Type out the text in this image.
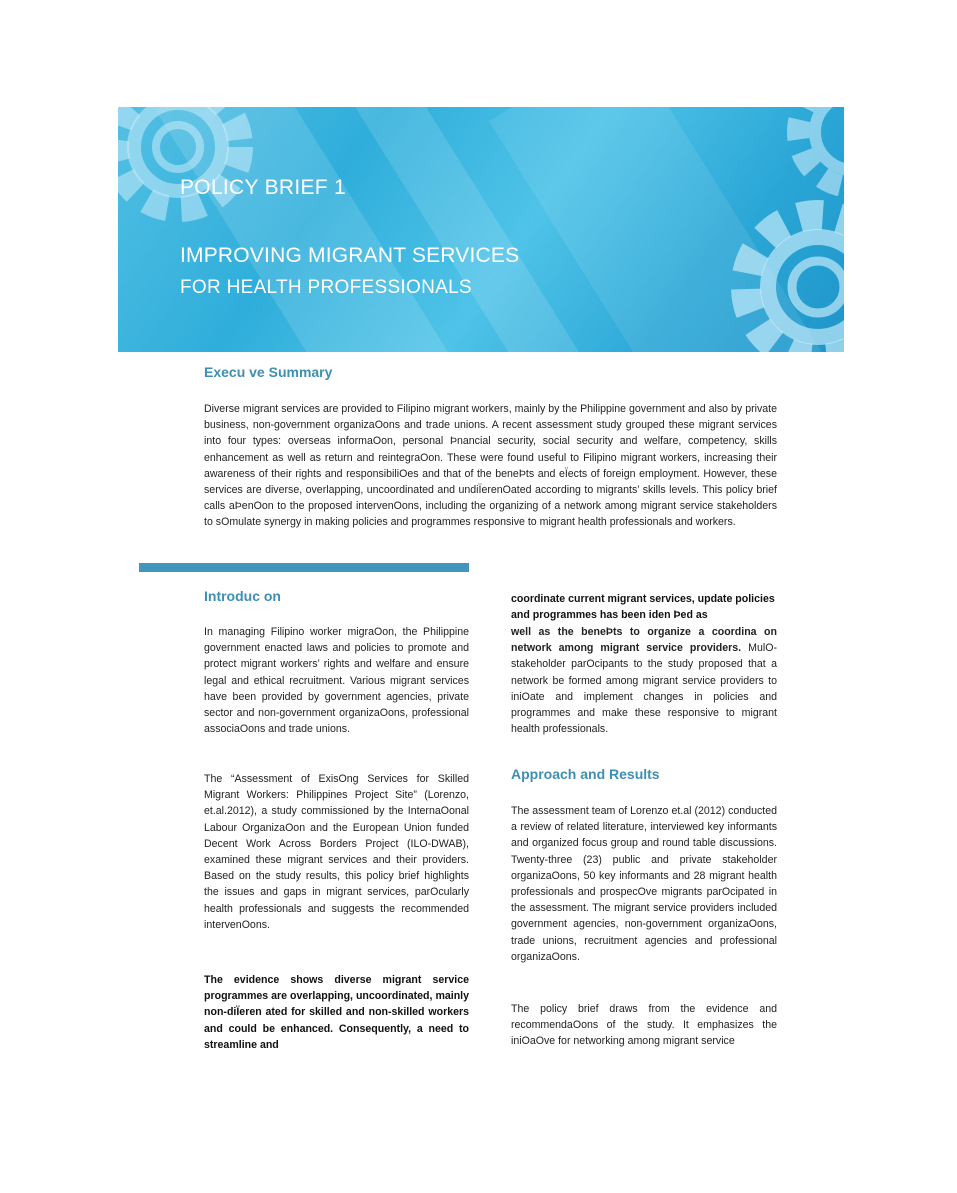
POLICY BRIEF 1
IMPROVING MIGRANT SERVICES
FOR HEALTH PROFESSIONALS
Execu ve Summary

Diverse migrant services are provided to Filipino migrant workers, mainly by the Philippine government and also by private business, non-government organizaOons and trade unions. A recent assessment study grouped these migrant services into four types: overseas informaOon, personal Þnancial security, social security and welfare, competency, skills enhancement as well as return and reintegraOon. These were found useful to Filipino migrant workers, increasing their awareness of their rights and responsibiliOes and that of the beneÞts and eÏects of foreign employment. However, these services are diverse, overlapping, uncoordinated and undiÏerenOated according to migrants’ skills levels. This policy brief calls aÞenOon to the proposed intervenOons, including the organizing of a network among migrant service stakeholders to sOmulate synergy in making policies and programmes responsive to migrant health professionals and workers.

Introduc on

In managing Filipino worker migraOon, the Philippine government enacted laws and policies to promote and protect migrant workers’ rights and welfare and ensure legal and ethical recruitment. Various migrant services have been provided by government agencies, private sector and non-government organizaOons, professional associaOons and trade unions.

The “Assessment of ExisOng Services for Skilled Migrant Workers: Philippines Project Site” (Lorenzo, et.al.2012), a study commissioned by the InternaOonal Labour OrganizaOon and the European Union funded Decent Work Across Borders Project (ILO-DWAB), examined these migrant services and their providers. Based on the study results, this policy brief highlights the issues and gaps in migrant services, parOcularly health professionals and suggests the recommended intervenOons.

The evidence shows diverse migrant service programmes are overlapping, uncoordinated, mainly non-diÏeren ated for skilled and non-skilled workers and could be enhanced. Consequently, a need to streamline and

coordinate current migrant services, update policies and programmes has been iden Þed as

well as the beneÞts to organize a coordina on network among migrant service providers. MulO-stakeholder parOcipants to the study proposed that a network be formed among migrant service providers to iniOate and implement changes in policies and programmes and make these responsive to migrant health professionals.

Approach and Results

The assessment team of Lorenzo et.al (2012) conducted a review of related literature, interviewed key informants and organized focus group and round table discussions. Twenty-three (23) public and private stakeholder organizaOons, 50 key informants and 28 migrant health professionals and prospecOve migrants parOcipated in the assessment. The migrant service providers included government agencies, non-government organizaOons, trade unions, recruitment agencies and professional organizaOons.

The policy brief draws from the evidence and recommendaOons of the study. It emphasizes the iniOaOve for networking among migrant service
